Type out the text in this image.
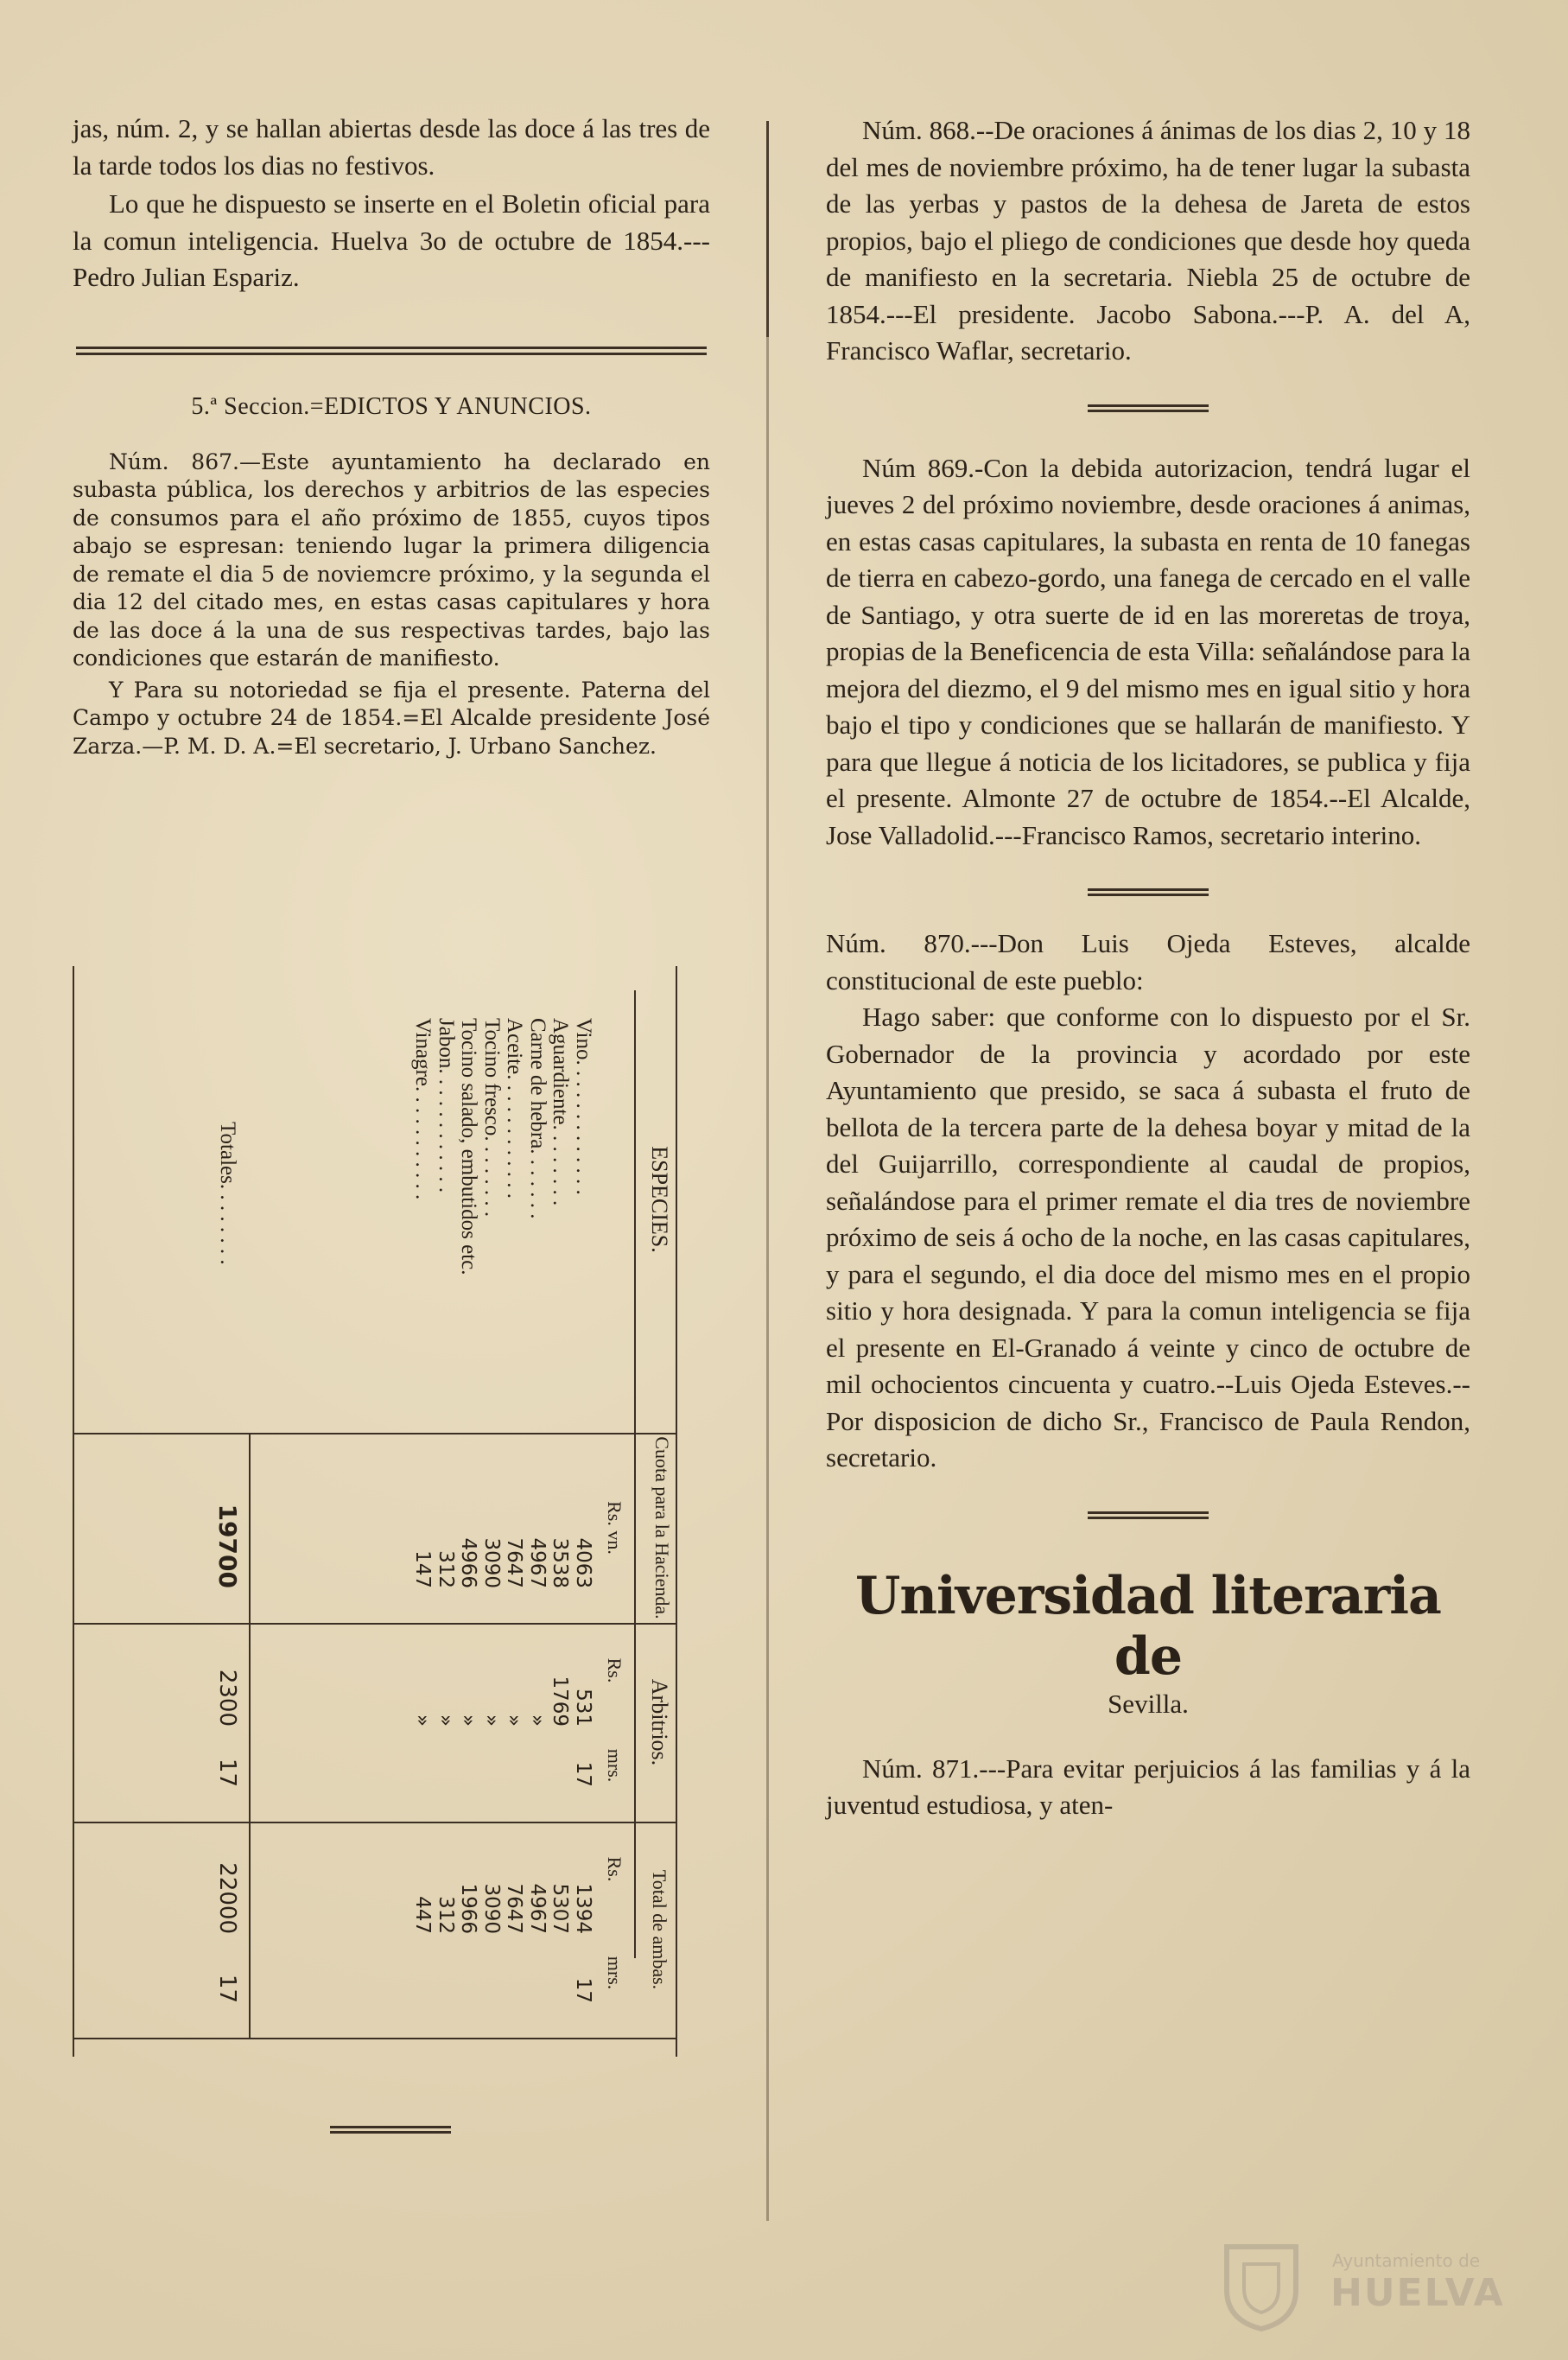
jas, núm. 2, y se hallan abiertas desde las doce á las tres de la tarde todos los dias no festivos.

Lo que he dispuesto se inserte en el Boletin oficial para la comun inteligencia. Huelva 3o de octubre de 1854.---Pedro Julian Espariz.

5.ª Seccion.=EDICTOS Y ANUNCIOS.

Núm. 867.—Este ayuntamiento ha declarado en subasta pública, los derechos y arbitrios de las especies de consumos para el año próximo de 1855, cuyos tipos abajo se espresan: teniendo lugar la primera diligencia de remate el dia 5 de noviemcre próximo, y la segunda el dia 12 del citado mes, en estas casas capitulares y hora de las doce á la una de sus respectivas tardes, bajo las condiciones que estarán de manifiesto.

Y Para su notoriedad se fija el presente. Paterna del Campo y octubre 24 de 1854.=El Alcalde presidente José Zarza.—P. M. D. A.=El secretario, J. Urbano Sanchez.

ESPECIES.
Cuota para la Hacienda.
Rs. vn.
Arbitrios.
Rs.
mrs.
Total de ambas.
Rs.
mrs.
Vino. . . . . . . . . . . . .
4063
531
17
1394
17
Aguardiente. . . . . . . .
3538
1769
5307
Carne de hebra. . . . . . .
4967
»
4967
Aceite. . . . . . . . . . . .
7647
»
7647
Tocino fresco. . . . . . . .
3090
»
3090
Tocino salado, embutidos etc.
4966
»
1966
Jabon. . . . . . . . . . . .
312
»
312
Vinagre. . . . . . . . . . .
147
»
447
Totales. . . . . . . .
19700
2300
17
22000
17

Núm. 868.--De oraciones á ánimas de los dias 2, 10 y 18 del mes de noviembre próximo, ha de tener lugar la subasta de las yerbas y pastos de la dehesa de Jareta de estos propios, bajo el pliego de condiciones que desde hoy queda de manifiesto en la secretaria. Niebla 25 de octubre de 1854.---El presidente. Jacobo Sabona.---P. A. del A, Francisco Waflar, secretario.

Núm 869.-Con la debida autorizacion, tendrá lugar el jueves 2 del próximo noviembre, desde oraciones á animas, en estas casas capitulares, la subasta en renta de 10 fanegas de tierra en cabezo-gordo, una fanega de cercado en el valle de Santiago, y otra suerte de id en las moreretas de troya, propias de la Beneficencia de esta Villa: señalándose para la mejora del diezmo, el 9 del mismo mes en igual sitio y hora bajo el tipo y condiciones que se hallarán de manifiesto. Y para que llegue á noticia de los licitadores, se publica y fija el presente. Almonte 27 de octubre de 1854.--El Alcalde, Jose Valladolid.---Francisco Ramos, secretario interino.

Núm. 870.---Don Luis Ojeda Esteves, alcalde constitucional de este pueblo:

Hago saber: que conforme con lo dispuesto por el Sr. Gobernador de la provincia y acordado por este Ayuntamiento que presido, se saca á subasta el fruto de bellota de la tercera parte de la dehesa boyar y mitad de la del Guijarrillo, correspondiente al caudal de propios, señalándose para el primer remate el dia tres de noviembre próximo de seis á ocho de la noche, en las casas capitulares, y para el segundo, el dia doce del mismo mes en el propio sitio y hora designada. Y para la comun inteligencia se fija el presente en El-Granado á veinte y cinco de octubre de mil ochocientos cincuenta y cuatro.--Luis Ojeda Esteves.--Por disposicion de dicho Sr., Francisco de Paula Rendon, secretario.

Universidad literaria de
Sevilla.

Núm. 871.---Para evitar perjuicios á las familias y á la juventud estudiosa, y aten-

Ayuntamiento de
HUELVA
